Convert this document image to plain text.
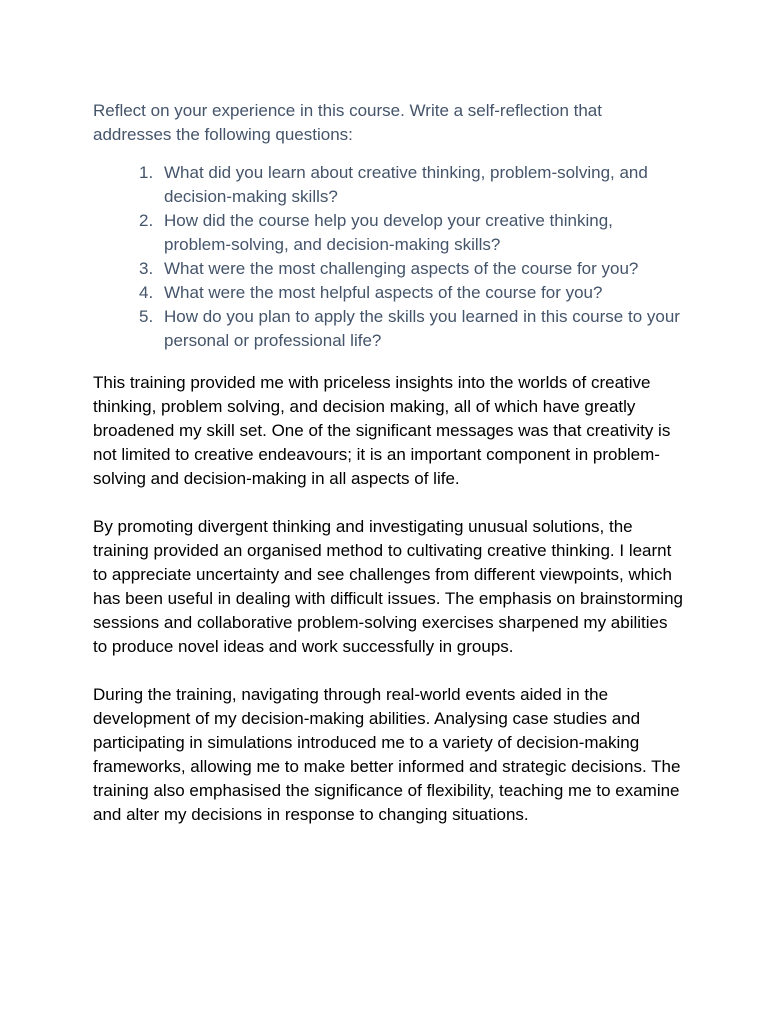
Reflect on your experience in this course. Write a self-reflection that addresses the following questions:

1. What did you learn about creative thinking, problem-solving, and decision-making skills?
2. How did the course help you develop your creative thinking, problem-solving, and decision-making skills?
3. What were the most challenging aspects of the course for you?
4. What were the most helpful aspects of the course for you?
5. How do you plan to apply the skills you learned in this course to your personal or professional life?

This training provided me with priceless insights into the worlds of creative thinking, problem solving, and decision making, all of which have greatly broadened my skill set. One of the significant messages was that creativity is not limited to creative endeavours; it is an important component in problem-solving and decision-making in all aspects of life.

By promoting divergent thinking and investigating unusual solutions, the training provided an organised method to cultivating creative thinking. I learnt to appreciate uncertainty and see challenges from different viewpoints, which has been useful in dealing with difficult issues. The emphasis on brainstorming sessions and collaborative problem-solving exercises sharpened my abilities to produce novel ideas and work successfully in groups.

During the training, navigating through real-world events aided in the development of my decision-making abilities. Analysing case studies and participating in simulations introduced me to a variety of decision-making frameworks, allowing me to make better informed and strategic decisions. The training also emphasised the significance of flexibility, teaching me to examine and alter my decisions in response to changing situations.
